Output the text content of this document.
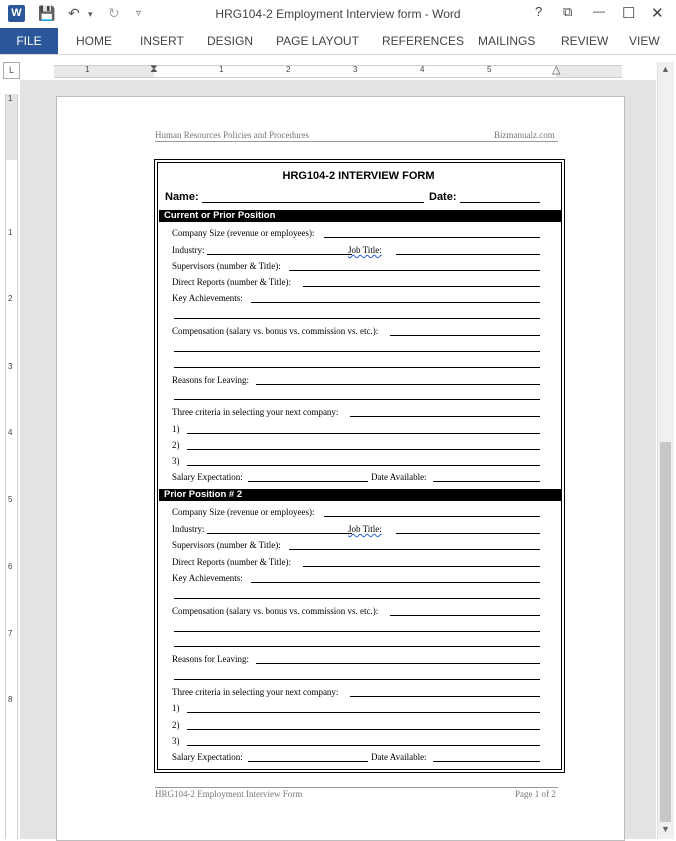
W 💾 ↶ ▾ ↻ ▿	HRG104-2 Employment Interview form - Word	? ⧉ — ☐ ✕
FILE	HOME INSERT DESIGN PAGE LAYOUT REFERENCES MAILINGS REVIEW VIEW
L	⧗	△
1	1	2	3	4	5
1
1
2
3
4
5
6
7
8
▲
▼
Human Resources Policies and Procedures	Bizmanualz.com
HRG104-2 INTERVIEW FORM
Name:	Date:
Current or Prior Position
Company Size (revenue or employees):
Industry:	Job Title:
Supervisors (number & Title):
Direct Reports (number & Title):
Key Achievements:
Compensation (salary vs. bonus vs. commission vs. etc.):
Reasons for Leaving:
Three criteria in selecting your next company:
1)
2)
3)
Salary Expectation:	Date Available:
Prior Position # 2
Company Size (revenue or employees):
Industry:	Job Title:
Supervisors (number & Title):
Direct Reports (number & Title):
Key Achievements:
Compensation (salary vs. bonus vs. commission vs. etc.):
Reasons for Leaving:
Three criteria in selecting your next company:
1)
2)
3)
Salary Expectation:	Date Available:
HRG104-2 Employment Interview Form	Page 1 of 2
